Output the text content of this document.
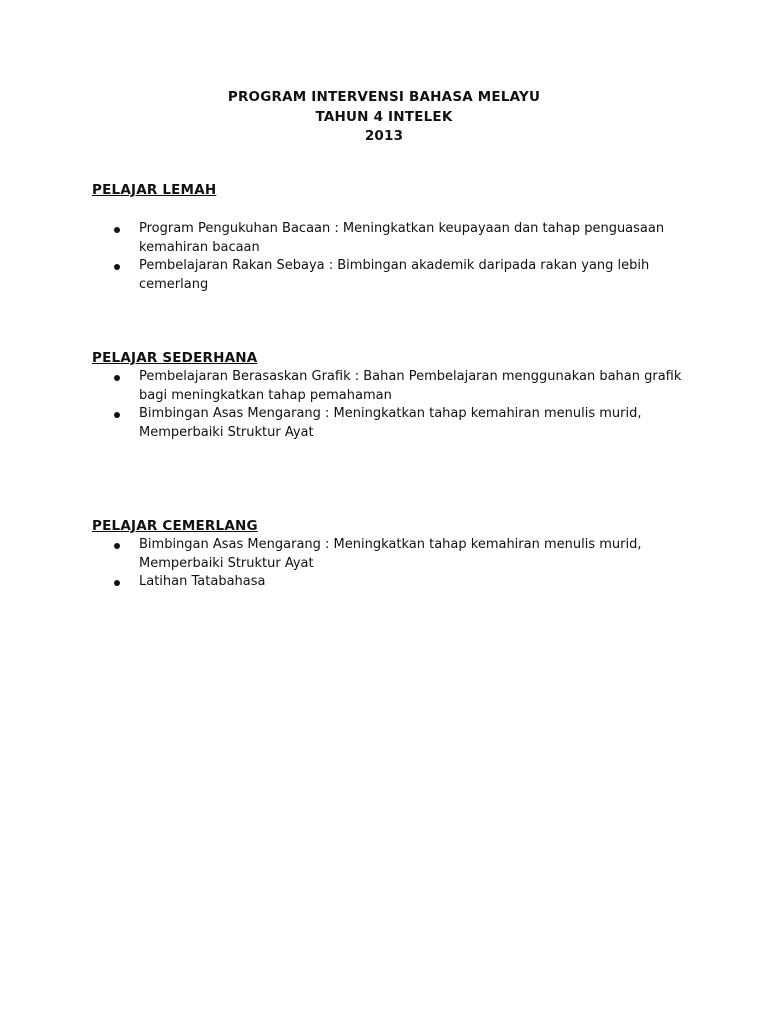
PROGRAM INTERVENSI BAHASA MELAYU
TAHUN 4 INTELEK
2013
PELAJAR LEMAH
Program Pengukuhan Bacaan : Meningkatkan keupayaan dan tahap penguasaan
kemahiran bacaan
Pembelajaran Rakan Sebaya : Bimbingan akademik daripada rakan yang lebih
cemerlang
PELAJAR SEDERHANA
Pembelajaran Berasaskan Grafik : Bahan Pembelajaran menggunakan bahan grafik
bagi meningkatkan tahap pemahaman
Bimbingan Asas Mengarang : Meningkatkan tahap kemahiran menulis murid,
Memperbaiki Struktur Ayat
PELAJAR CEMERLANG
Bimbingan Asas Mengarang : Meningkatkan tahap kemahiran menulis murid,
Memperbaiki Struktur Ayat
Latihan Tatabahasa
